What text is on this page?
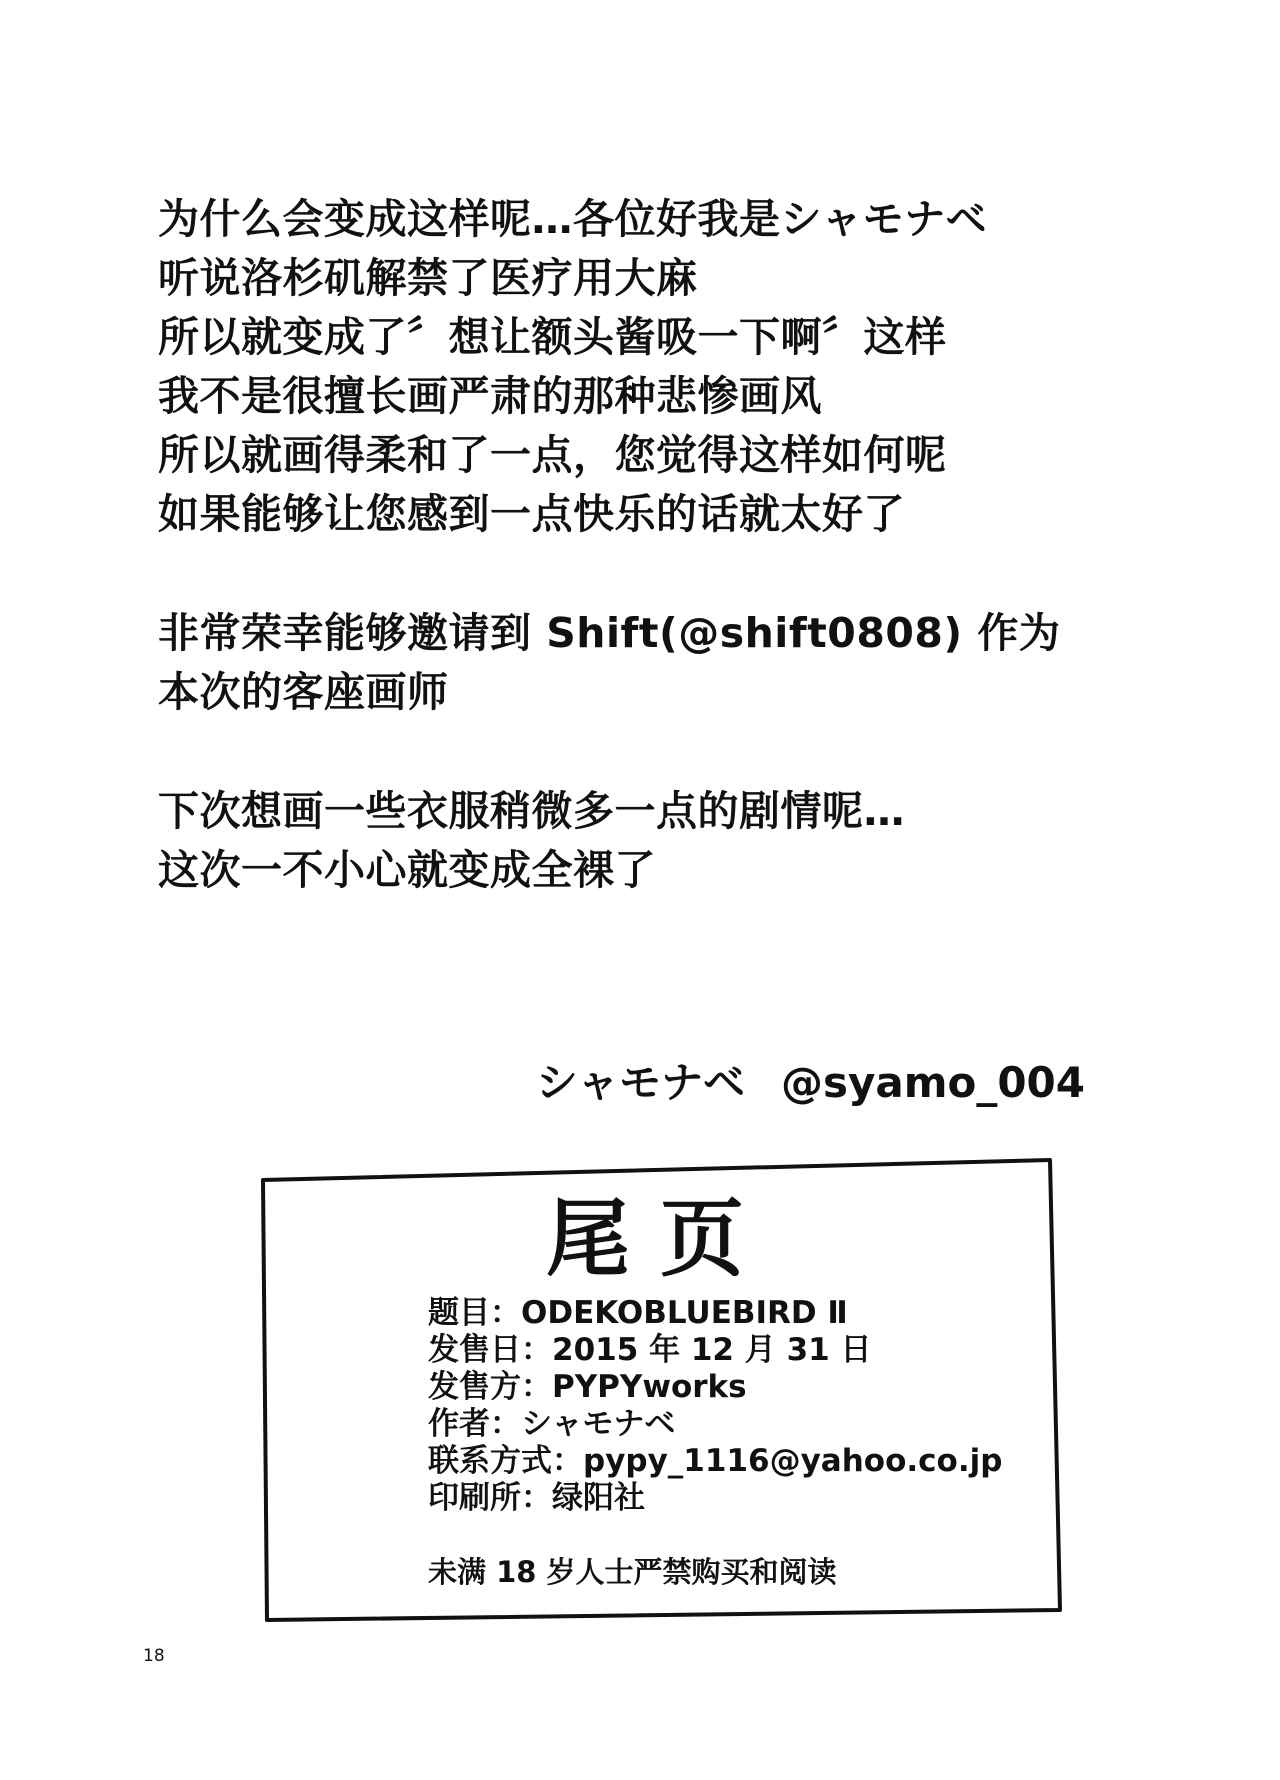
为什么会变成这样呢…各位好我是シャモナベ
听说洛杉矶解禁了医疗用大麻
所以就变成了〞想让额头酱吸一下啊〞这样
我不是很擅长画严肃的那种悲惨画风
所以就画得柔和了一点，您觉得这样如何呢
如果能够让您感到一点快乐的话就太好了
非常荣幸能够邀请到 Shift(@shift0808) 作为
本次的客座画师
下次想画一些衣服稍微多一点的剧情呢…
这次一不小心就变成全裸了
シャモナベ @syamo_004
尾页
题目：ODEKOBLUEBIRD Ⅱ
发售日：2015 年 12 月 31 日
发售方：PYPYworks
作者：シャモナベ
联系方式：pypy_1116@yahoo.co.jp
印刷所：绿阳社
未满 18 岁人士严禁购买和阅读
18
